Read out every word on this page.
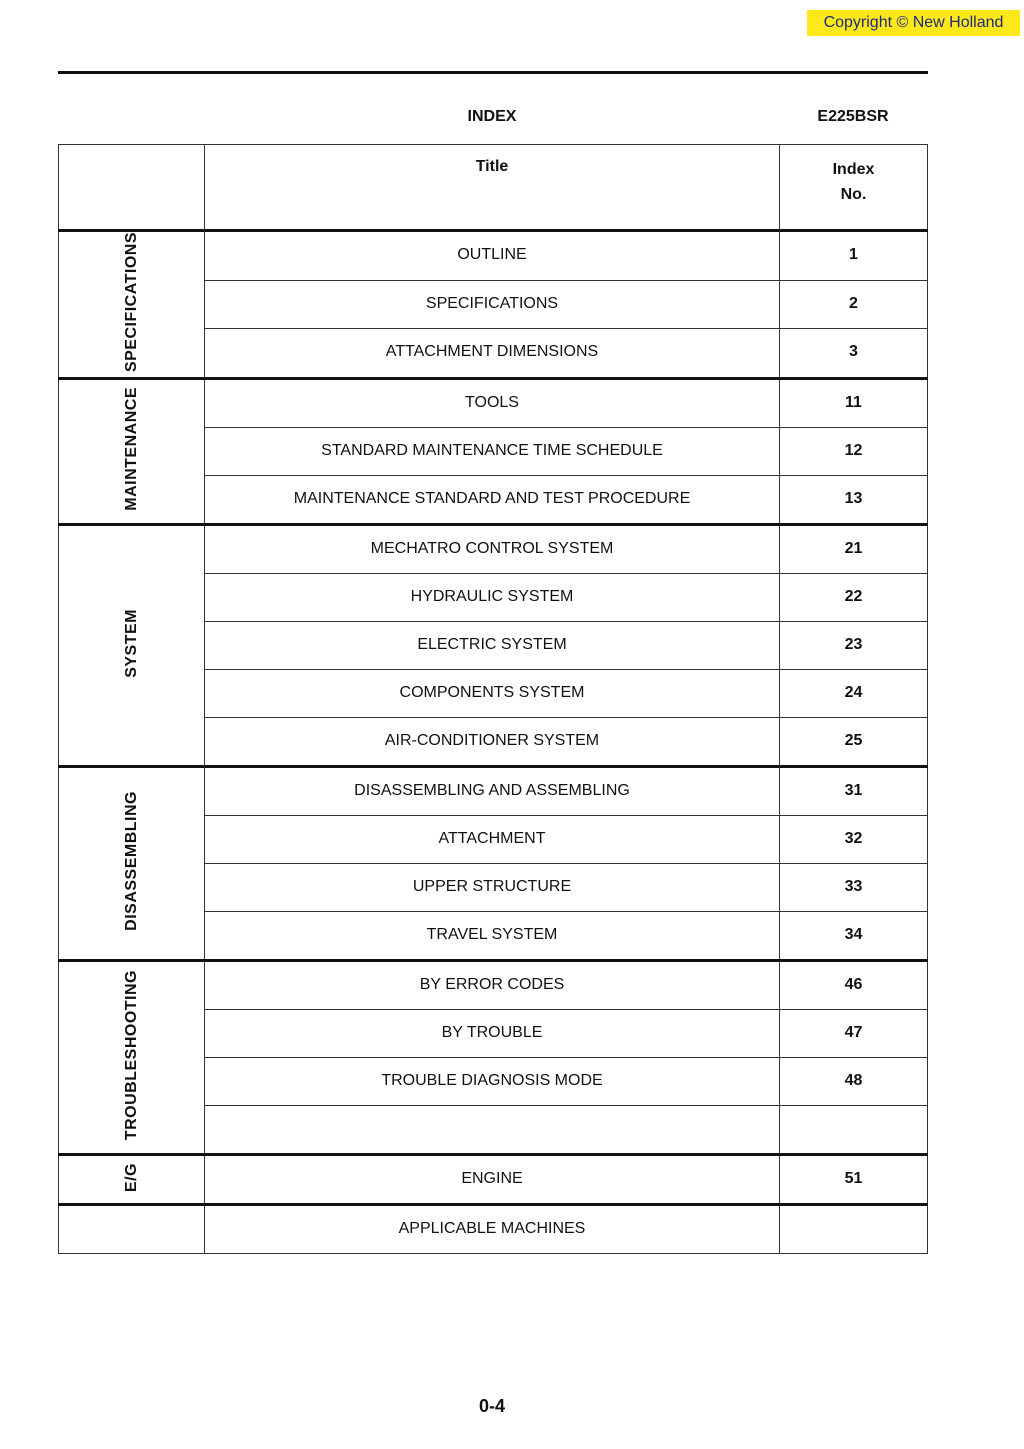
Copyright © New Holland
INDEX	E225BSR
	Title	Index
No.

SPECIFICATIONS	OUTLINE	1
	SPECIFICATIONS	2
	ATTACHMENT DIMENSIONS	3
MAINTENANCE	TOOLS	11
	STANDARD MAINTENANCE TIME SCHEDULE	12
	MAINTENANCE STANDARD AND TEST PROCEDURE	13
SYSTEM	MECHATRO CONTROL SYSTEM	21
	HYDRAULIC SYSTEM	22
	ELECTRIC SYSTEM	23
	COMPONENTS SYSTEM	24
	AIR-CONDITIONER SYSTEM	25
DISASSEMBLING	DISASSEMBLING AND ASSEMBLING	31
	ATTACHMENT	32
	UPPER STRUCTURE	33
	TRAVEL SYSTEM	34
TROUBLESHOOTING	BY ERROR CODES	46
	BY TROUBLE	47
	TROUBLE DIAGNOSIS MODE	48

E/G	ENGINE	51
	APPLICABLE MACHINES	
0-4
